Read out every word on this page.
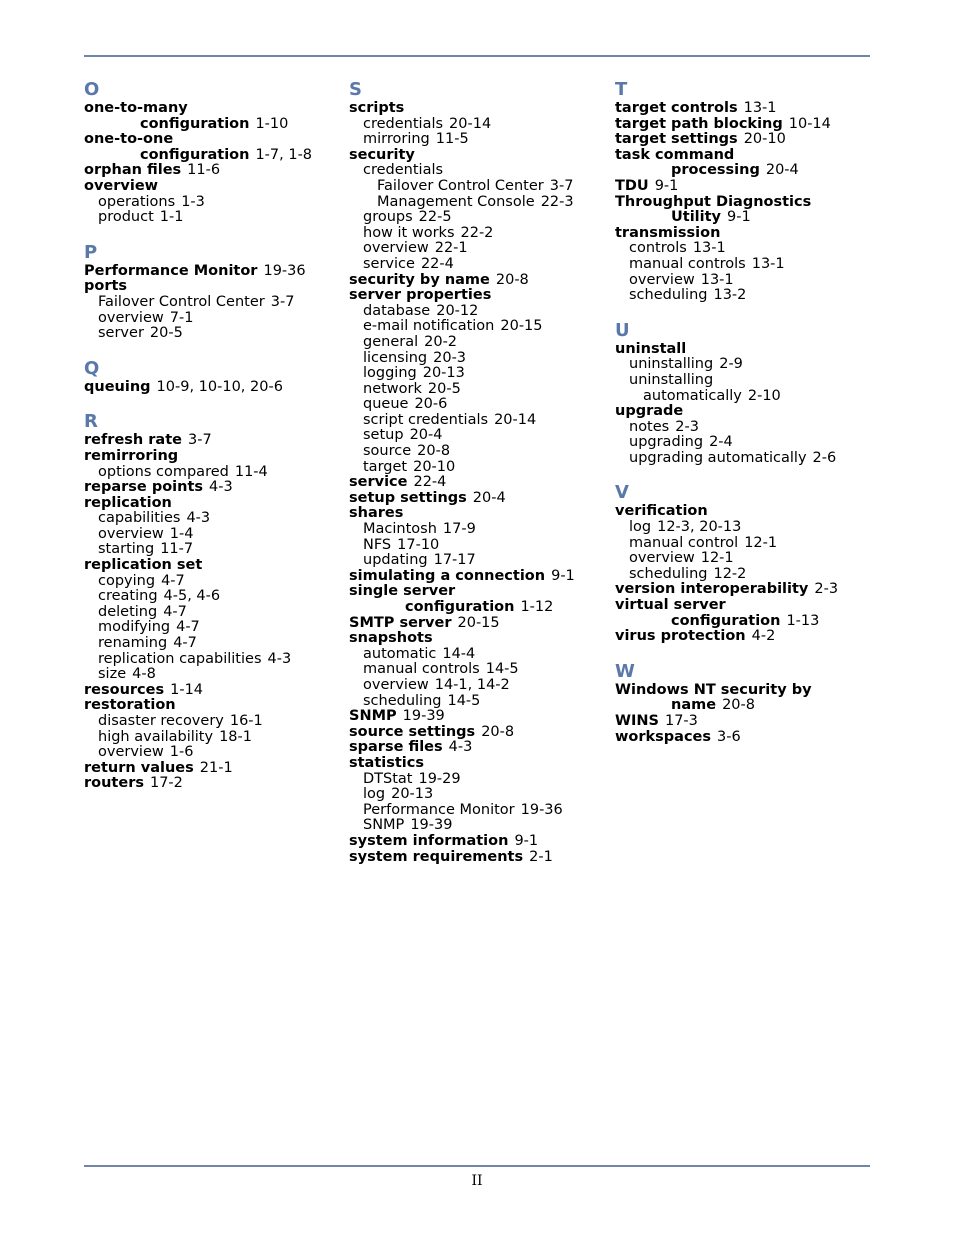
O
one-to-many
configuration 1-10
one-to-one
configuration 1-7, 1-8
orphan files 11-6
overview
operations 1-3
product 1-1
P
Performance Monitor 19-36
ports
Failover Control Center 3-7
overview 7-1
server 20-5
Q
queuing 10-9, 10-10, 20-6
R
refresh rate 3-7
remirroring
options compared 11-4
reparse points 4-3
replication
capabilities 4-3
overview 1-4
starting 11-7
replication set
copying 4-7
creating 4-5, 4-6
deleting 4-7
modifying 4-7
renaming 4-7
replication capabilities 4-3
size 4-8
resources 1-14
restoration
disaster recovery 16-1
high availability 18-1
overview 1-6
return values 21-1
routers 17-2
S
scripts
credentials 20-14
mirroring 11-5
security
credentials
Failover Control Center 3-7
Management Console 22-3
groups 22-5
how it works 22-2
overview 22-1
service 22-4
security by name 20-8
server properties
database 20-12
e-mail notification 20-15
general 20-2
licensing 20-3
logging 20-13
network 20-5
queue 20-6
script credentials 20-14
setup 20-4
source 20-8
target 20-10
service 22-4
setup settings 20-4
shares
Macintosh 17-9
NFS 17-10
updating 17-17
simulating a connection 9-1
single server
configuration 1-12
SMTP server 20-15
snapshots
automatic 14-4
manual controls 14-5
overview 14-1, 14-2
scheduling 14-5
SNMP 19-39
source settings 20-8
sparse files 4-3
statistics
DTStat 19-29
log 20-13
Performance Monitor 19-36
SNMP 19-39
system information 9-1
system requirements 2-1
T
target controls 13-1
target path blocking 10-14
target settings 20-10
task command
processing 20-4
TDU 9-1
Throughput Diagnostics
Utility 9-1
transmission
controls 13-1
manual controls 13-1
overview 13-1
scheduling 13-2
U
uninstall
uninstalling 2-9
uninstalling
automatically 2-10
upgrade
notes 2-3
upgrading 2-4
upgrading automatically 2-6
V
verification
log 12-3, 20-13
manual control 12-1
overview 12-1
scheduling 12-2
version interoperability 2-3
virtual server
configuration 1-13
virus protection 4-2
W
Windows NT security by
name 20-8
WINS 17-3
workspaces 3-6
II
